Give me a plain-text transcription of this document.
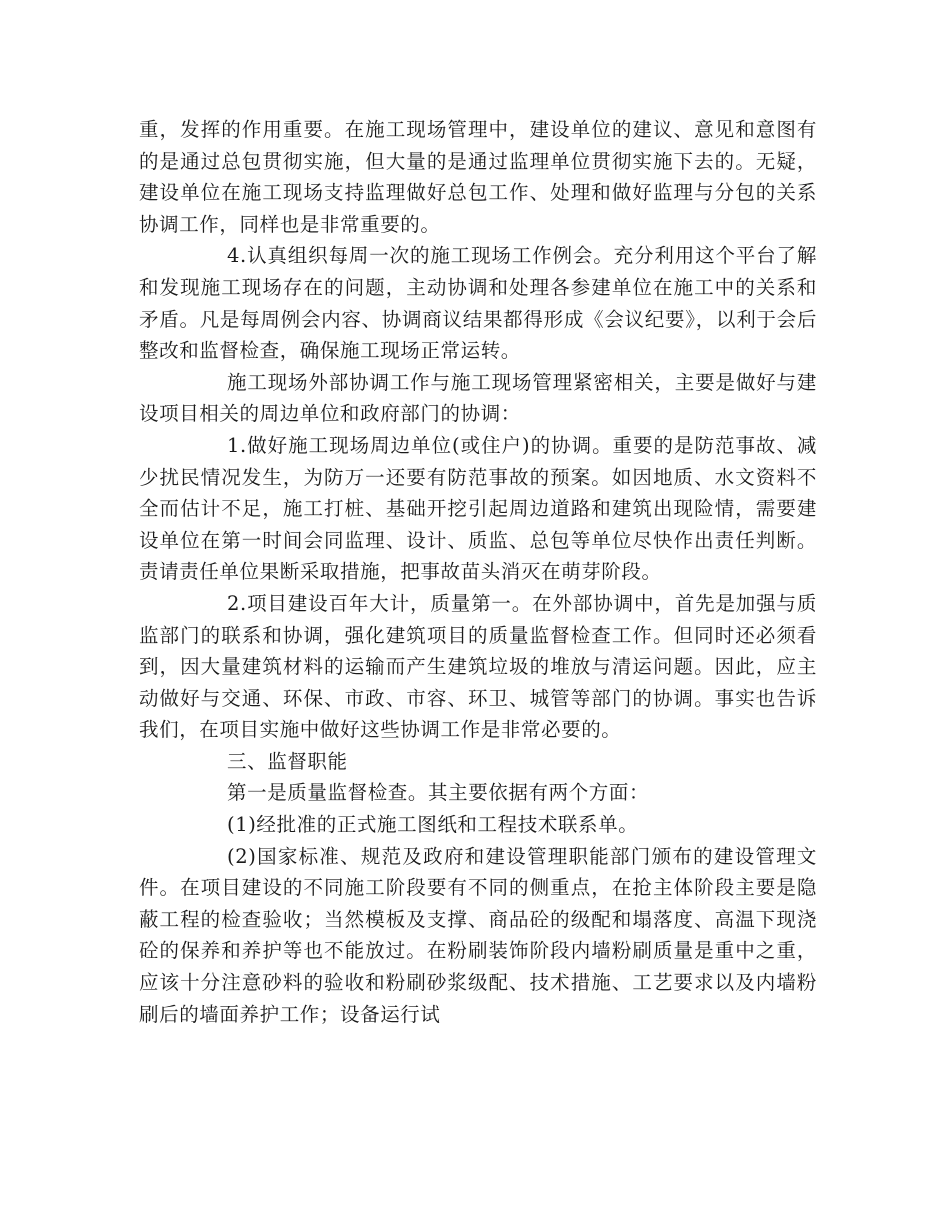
重，发挥的作用重要。在施工现场管理中，建设单位的建议、意见和意图有的是通过总包贯彻实施，但大量的是通过监理单位贯彻实施下去的。无疑，建设单位在施工现场支持监理做好总包工作、处理和做好监理与分包的关系协调工作，同样也是非常重要的。

4.认真组织每周一次的施工现场工作例会。充分利用这个平台了解和发现施工现场存在的问题，主动协调和处理各参建单位在施工中的关系和矛盾。凡是每周例会内容、协调商议结果都得形成《会议纪要》，以利于会后整改和监督检查，确保施工现场正常运转。

施工现场外部协调工作与施工现场管理紧密相关，主要是做好与建设项目相关的周边单位和政府部门的协调：

1.做好施工现场周边单位(或住户)的协调。重要的是防范事故、减少扰民情况发生，为防万一还要有防范事故的预案。如因地质、水文资料不全而估计不足，施工打桩、基础开挖引起周边道路和建筑出现险情，需要建设单位在第一时间会同监理、设计、质监、总包等单位尽快作出责任判断。责请责任单位果断采取措施，把事故苗头消灭在萌芽阶段。

2.项目建设百年大计，质量第一。在外部协调中，首先是加强与质监部门的联系和协调，强化建筑项目的质量监督检查工作。但同时还必须看到，因大量建筑材料的运输而产生建筑垃圾的堆放与清运问题。因此，应主动做好与交通、环保、市政、市容、环卫、城管等部门的协调。事实也告诉我们，在项目实施中做好这些协调工作是非常必要的。

三、监督职能

第一是质量监督检查。其主要依据有两个方面：

(1)经批准的正式施工图纸和工程技术联系单。

(2)国家标准、规范及政府和建设管理职能部门颁布的建设管理文件。在项目建设的不同施工阶段要有不同的侧重点，在抢主体阶段主要是隐蔽工程的检查验收；当然模板及支撑、商品砼的级配和塌落度、高温下现浇砼的保养和养护等也不能放过。在粉刷装饰阶段内墙粉刷质量是重中之重，应该十分注意砂料的验收和粉刷砂浆级配、技术措施、工艺要求以及内墙粉刷后的墙面养护工作；设备运行试
